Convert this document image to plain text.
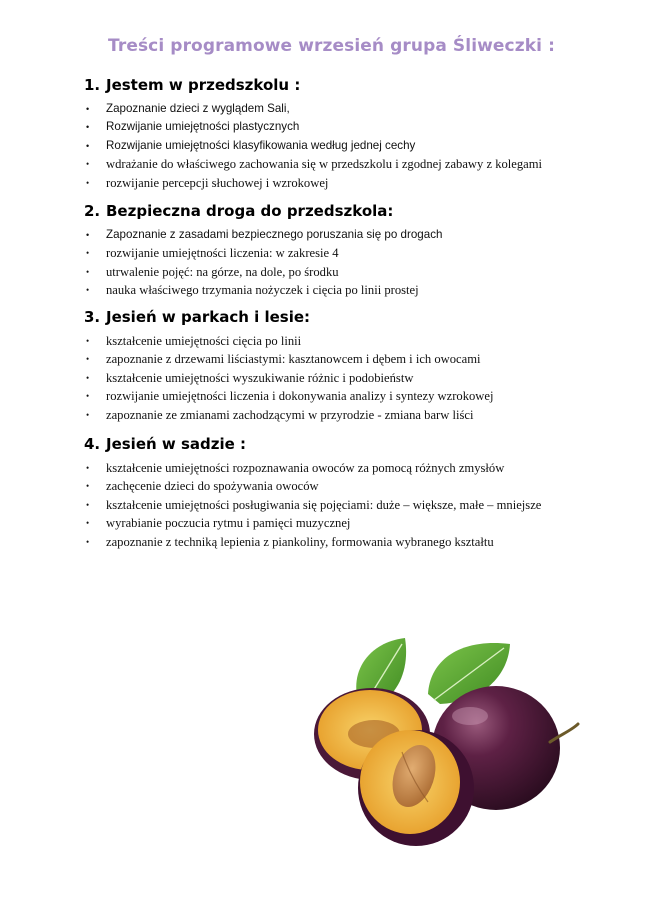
Treści programowe wrzesień grupa Śliweczki :
1. Jestem w przedszkolu :
• Zapoznanie dzieci z wyglądem Sali,
• Rozwijanie umiejętności plastycznych
• Rozwijanie umiejętności klasyfikowania według jednej cechy
• wdrażanie do właściwego zachowania się w przedszkolu i zgodnej zabawy z kolegami
• rozwijanie percepcji słuchowej i wzrokowej
2. Bezpieczna droga do przedszkola:
• Zapoznanie z zasadami bezpiecznego poruszania się po drogach
• rozwijanie umiejętności liczenia: w zakresie 4
• utrwalenie pojęć: na górze, na dole, po środku
• nauka właściwego trzymania nożyczek i cięcia po linii prostej
3. Jesień w parkach i lesie:
• kształcenie umiejętności cięcia po linii
• zapoznanie z drzewami liściastymi: kasztanowcem i dębem i ich owocami
• kształcenie umiejętności wyszukiwanie różnic i podobieństw
• rozwijanie umiejętności liczenia i dokonywania analizy i syntezy wzrokowej
• zapoznanie ze zmianami zachodzącymi w przyrodzie - zmiana barw liści
4. Jesień w sadzie :
• kształcenie umiejętności rozpoznawania owoców za pomocą różnych zmysłów
• zachęcenie dzieci do spożywania owoców
• kształcenie umiejętności posługiwania się pojęciami: duże – większe, małe – mniejsze
• wyrabianie poczucia rytmu i pamięci muzycznej
• zapoznanie z techniką lepienia z piankoliny, formowania wybranego kształtu
